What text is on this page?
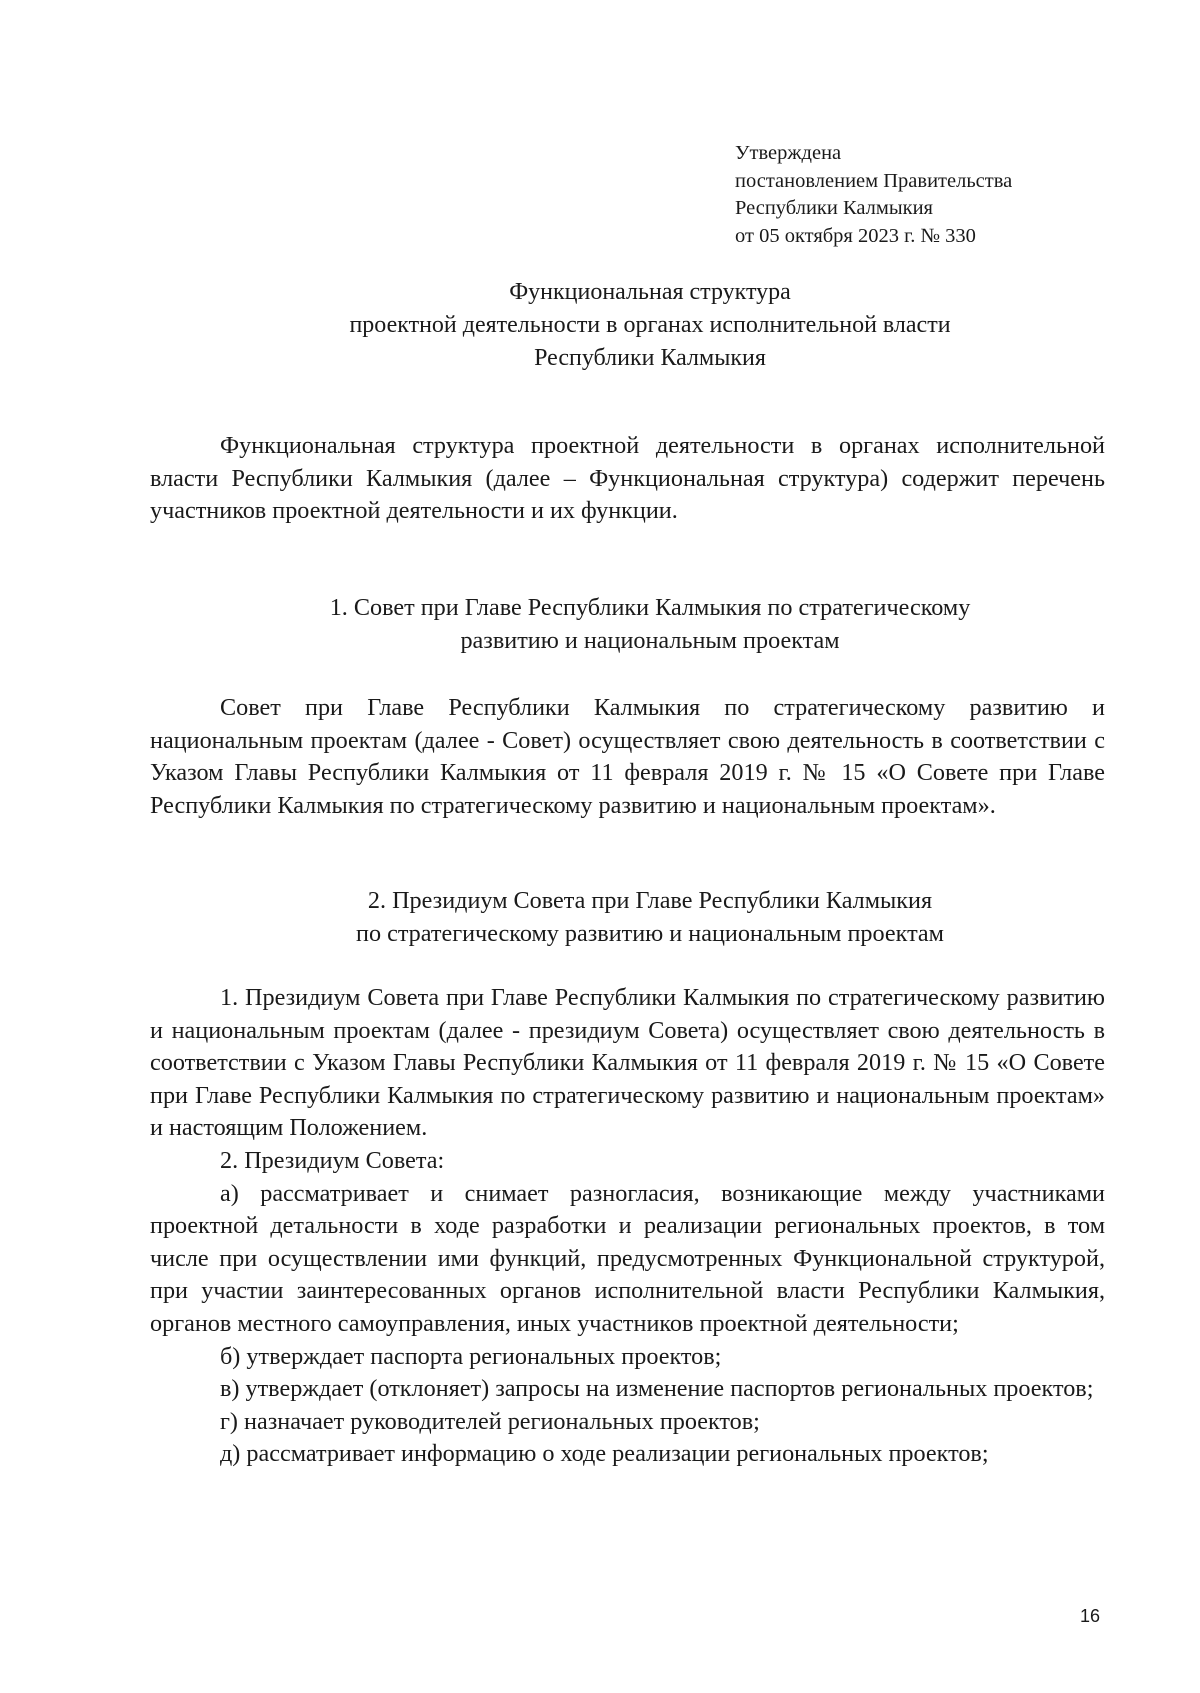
Утверждена
постановлением Правительства
Республики Калмыкия
от 05 октября 2023 г. № 330
Функциональная структура
проектной деятельности в органах исполнительной власти
Республики Калмыкия

Функциональная структура проектной деятельности в органах исполнительной власти Республики Калмыкия (далее – Функциональная структура) содержит перечень участников проектной деятельности и их функции.

1. Совет при Главе Республики Калмыкия по стратегическому
развитию и национальным проектам

Совет при Главе Республики Калмыкия по стратегическому развитию и национальным проектам (далее - Совет) осуществляет свою деятельность в соответствии с Указом Главы Республики Калмыкия от 11 февраля 2019 г. № 15 «О Совете при Главе Республики Калмыкия по стратегическому развитию и национальным проектам».

2. Президиум Совета при Главе Республики Калмыкия
по стратегическому развитию и национальным проектам

1. Президиум Совета при Главе Республики Калмыкия по стратегическому развитию и национальным проектам (далее - президиум Совета) осуществляет свою деятельность в соответствии с Указом Главы Республики Калмыкия от 11 февраля 2019 г. № 15 «О Совете при Главе Республики Калмыкия по стратегическому развитию и национальным проектам» и настоящим Положением.

2. Президиум Совета:

а) рассматривает и снимает разногласия, возникающие между участниками проектной детальности в ходе разработки и реализации региональных проектов, в том числе при осуществлении ими функций, предусмотренных Функциональной структурой, при участии заинтересованных органов исполнительной власти Республики Калмыкия, органов местного самоуправления, иных участников проектной деятельности;

б) утверждает паспорта региональных проектов;

в) утверждает (отклоняет) запросы на изменение паспортов региональных проектов;

г) назначает руководителей региональных проектов;

д) рассматривает информацию о ходе реализации региональных проектов;

16
